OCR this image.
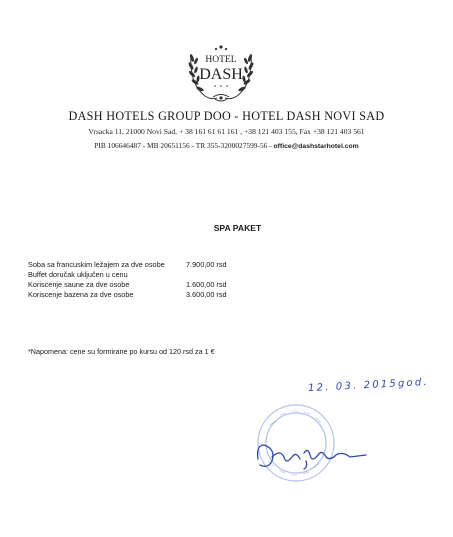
HOTEL
DASH
DASH HOTELS GROUP DOO - HOTEL DASH NOVI SAD
Vrsacka 11, 21000 Novi Sad, + 38 161 61 61 161 , +38 121 403 155, Fax +38 121 403 561
PIB 106646487 - MB 20651156 - TR 355-3200027599-56 - office@dashstarhotel.com
SPA PAKET
Soba sa francuskim ležajem za dve osobe	7.900,00 rsd
Buffet doručak uključen u cenu
Koriscenje saune za dve osobe	1.600,00 rsd
Koriscenje bazena za dve osobe	3.600,00 rsd
*Napomena: cene su formirane po kursu od 120 rsd za 1 €
12. 03. 2015god.
